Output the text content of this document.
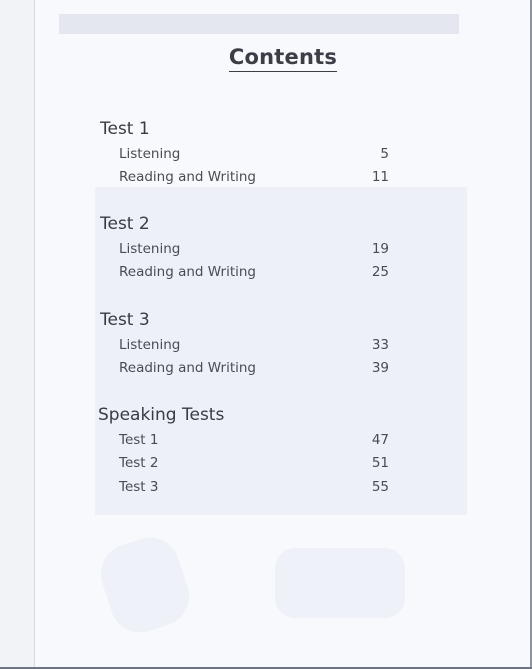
Contents
Test 1
Listening	5
Reading and Writing	11
Test 2
Listening	19
Reading and Writing	25
Test 3
Listening	33
Reading and Writing	39
Speaking Tests
Test 1	47
Test 2	51
Test 3	55
